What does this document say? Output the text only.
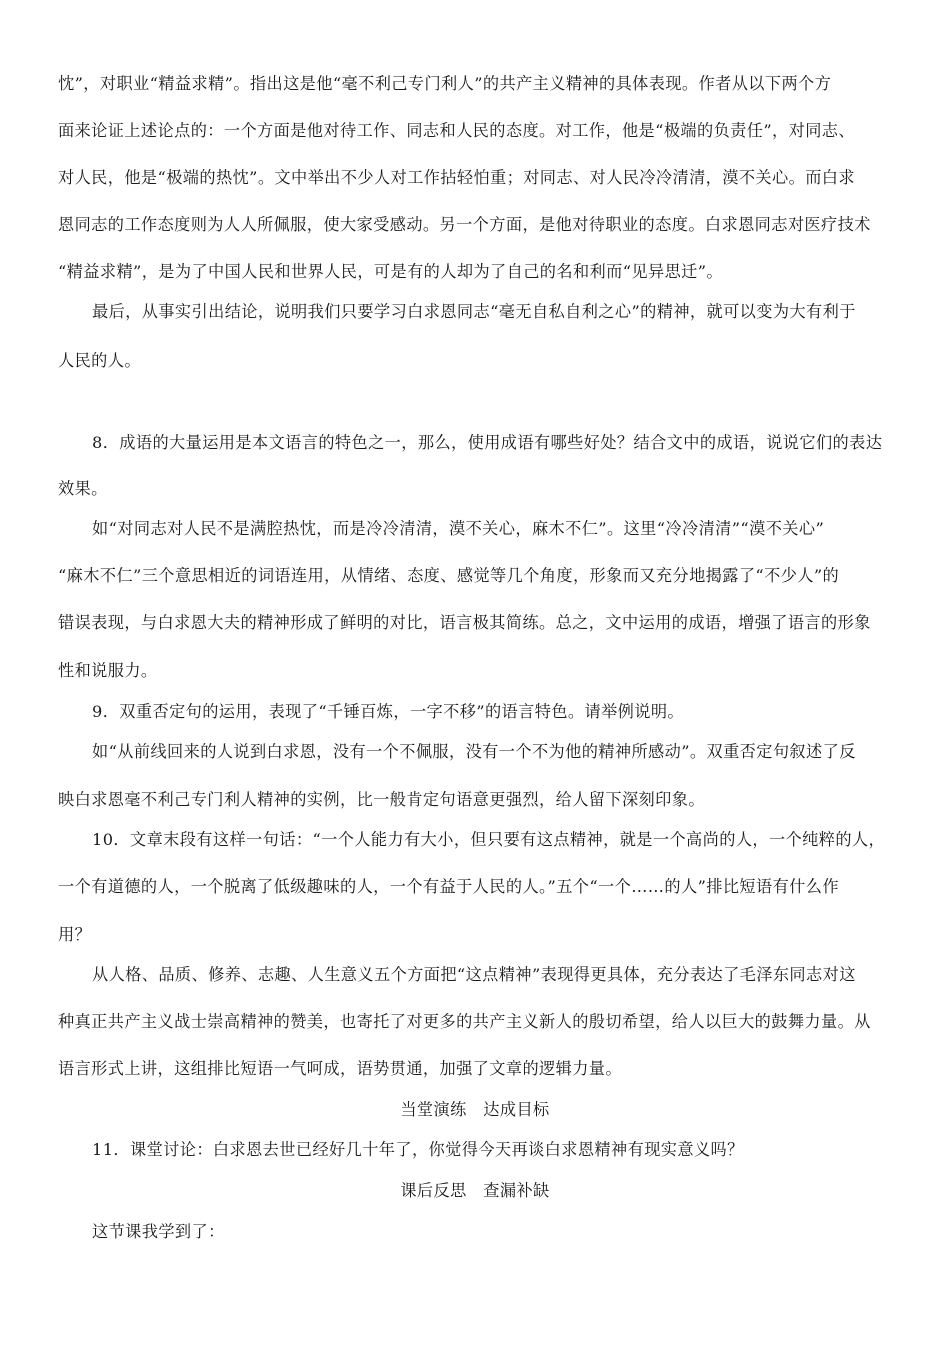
忱”，对职业“精益求精”。指出这是他“毫不利己专门利人”的共产主义精神的具体表现。作者从以下两个方
面来论证上述论点的：一个方面是他对待工作、同志和人民的态度。对工作，他是“极端的负责任”，对同志、
对人民，他是“极端的热忱”。文中举出不少人对工作拈轻怕重；对同志、对人民冷冷清清，漠不关心。而白求
恩同志的工作态度则为人人所佩服，使大家受感动。另一个方面，是他对待职业的态度。白求恩同志对医疗技术
“精益求精”，是为了中国人民和世界人民，可是有的人却为了自己的名和利而“见异思迁”。
最后，从事实引出结论，说明我们只要学习白求恩同志“毫无自私自利之心”的精神，就可以变为大有利于
人民的人。
8．成语的大量运用是本文语言的特色之一，那么，使用成语有哪些好处？结合文中的成语，说说它们的表达
效果。
如“对同志对人民不是满腔热忱，而是冷冷清清，漠不关心，麻木不仁”。这里“冷冷清清”“漠不关心”
“麻木不仁”三个意思相近的词语连用，从情绪、态度、感觉等几个角度，形象而又充分地揭露了“不少人”的
错误表现，与白求恩大夫的精神形成了鲜明的对比，语言极其简练。总之，文中运用的成语，增强了语言的形象
性和说服力。
9．双重否定句的运用，表现了“千锤百炼，一字不移”的语言特色。请举例说明。
如“从前线回来的人说到白求恩，没有一个不佩服，没有一个不为他的精神所感动”。双重否定句叙述了反
映白求恩毫不利己专门利人精神的实例，比一般肯定句语意更强烈，给人留下深刻印象。
10．文章末段有这样一句话：“一个人能力有大小，但只要有这点精神，就是一个高尚的人，一个纯粹的人，
一个有道德的人，一个脱离了低级趣味的人，一个有益于人民的人。”五个“一个……的人”排比短语有什么作
用？
从人格、品质、修养、志趣、人生意义五个方面把“这点精神”表现得更具体，充分表达了毛泽东同志对这
种真正共产主义战士崇高精神的赞美，也寄托了对更多的共产主义新人的殷切希望，给人以巨大的鼓舞力量。从
语言形式上讲，这组排比短语一气呵成，语势贯通，加强了文章的逻辑力量。
当堂演练　达成目标
11．课堂讨论：白求恩去世已经好几十年了，你觉得今天再谈白求恩精神有现实意义吗？
课后反思　查漏补缺
这节课我学到了：
